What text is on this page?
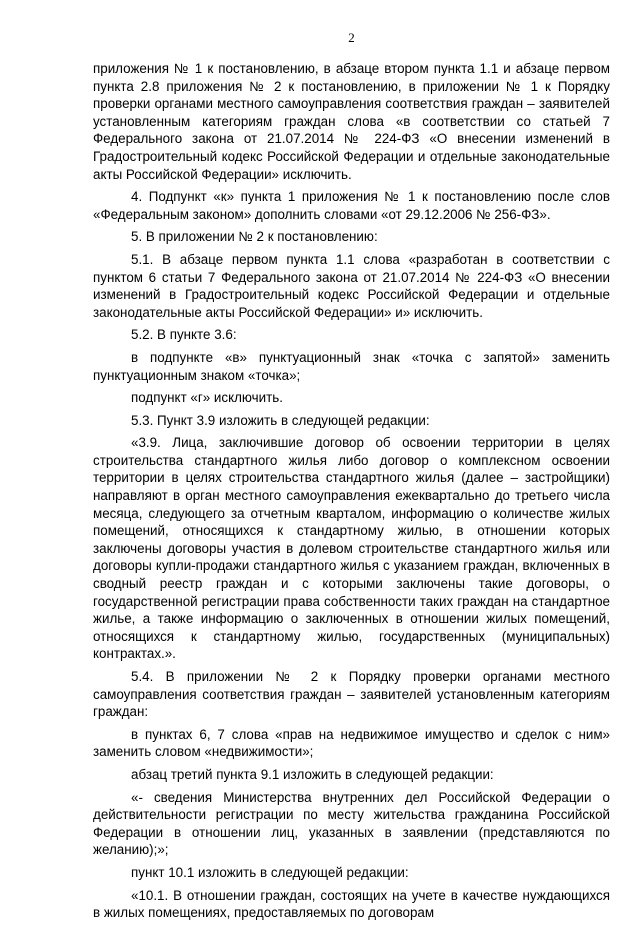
2

приложения № 1 к постановлению, в абзаце втором пункта 1.1 и абзаце первом пункта 2.8 приложения № 2 к постановлению, в приложении № 1 к Порядку проверки органами местного самоуправления соответствия граждан – заявителей установленным категориям граждан слова «в соответствии со статьей 7 Федерального закона от 21.07.2014 № 224-ФЗ «О внесении изменений в Градостроительный кодекс Российской Федерации и отдельные законодательные акты Российской Федерации» исключить.

4. Подпункт «к» пункта 1 приложения № 1 к постановлению после слов «Федеральным законом» дополнить словами «от 29.12.2006 № 256-ФЗ».

5. В приложении № 2 к постановлению:

5.1. В абзаце первом пункта 1.1 слова «разработан в соответствии с пунктом 6 статьи 7 Федерального закона от 21.07.2014 № 224-ФЗ «О внесении изменений в Градостроительный кодекс Российской Федерации и отдельные законодательные акты Российской Федерации» и» исключить.

5.2. В пункте 3.6:

в подпункте «в» пунктуационный знак «точка с запятой» заменить пунктуационным знаком «точка»;

подпункт «г» исключить.

5.3. Пункт 3.9 изложить в следующей редакции:

«3.9. Лица, заключившие договор об освоении территории в целях строительства стандартного жилья либо договор о комплексном освоении территории в целях строительства стандартного жилья (далее – застройщики) направляют в орган местного самоуправления ежеквартально до третьего числа месяца, следующего за отчетным кварталом, информацию о количестве жилых помещений, относящихся к стандартному жилью, в отношении которых заключены договоры участия в долевом строительстве стандартного жилья или договоры купли-продажи стандартного жилья с указанием граждан, включенных в сводный реестр граждан и с которыми заключены такие договоры, о государственной регистрации права собственности таких граждан на стандартное жилье, а также информацию о заключенных в отношении жилых помещений, относящихся к стандартному жилью, государственных (муниципальных) контрактах.».

5.4. В приложении № 2 к Порядку проверки органами местного самоуправления соответствия граждан – заявителей установленным категориям граждан:

в пунктах 6, 7 слова «прав на недвижимое имущество и сделок с ним» заменить словом «недвижимости»;

абзац третий пункта 9.1 изложить в следующей редакции:

«- сведения Министерства внутренних дел Российской Федерации о действительности регистрации по месту жительства гражданина Российской Федерации в отношении лиц, указанных в заявлении (представляются по желанию);»;

пункт 10.1 изложить в следующей редакции:

«10.1. В отношении граждан, состоящих на учете в качестве нуждающихся в жилых помещениях, предоставляемых по договорам
